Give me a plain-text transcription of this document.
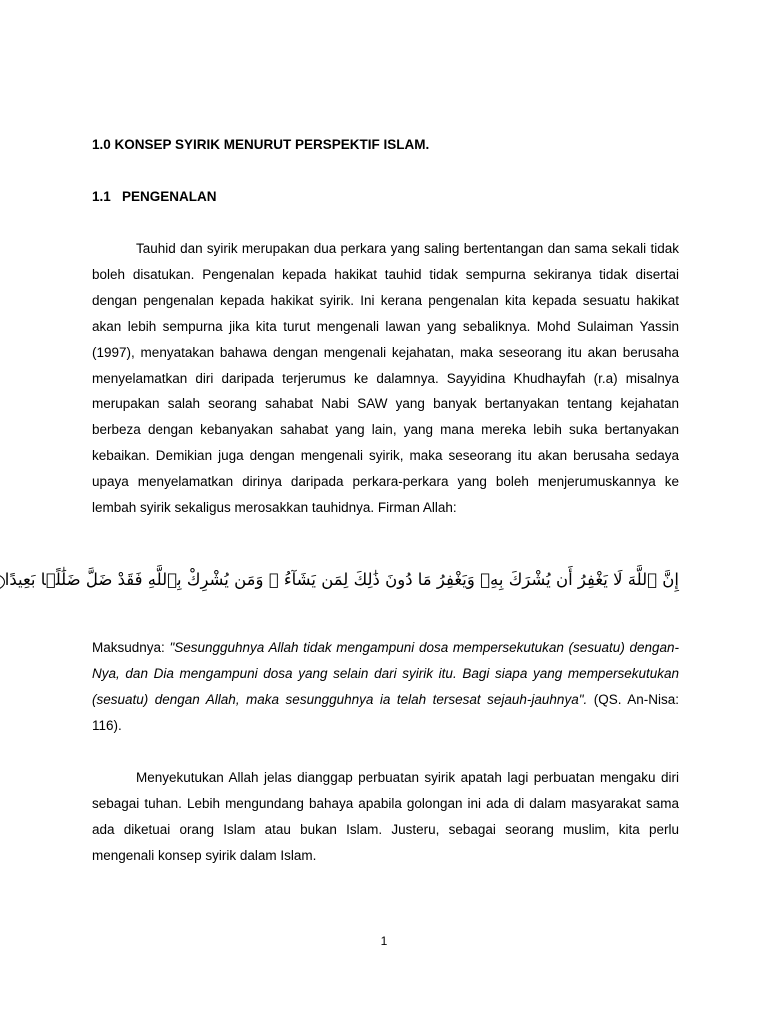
1.0 KONSEP SYIRIK MENURUT PERSPEKTIF ISLAM.
1.1 PENGENALAN

Tauhid dan syirik merupakan dua perkara yang saling bertentangan dan sama sekali tidak boleh disatukan. Pengenalan kepada hakikat tauhid tidak sempurna sekiranya tidak disertai dengan pengenalan kepada hakikat syirik. Ini kerana pengenalan kita kepada sesuatu hakikat akan lebih sempurna jika kita turut mengenali lawan yang sebaliknya. Mohd Sulaiman Yassin (1997), menyatakan bahawa dengan mengenali kejahatan, maka seseorang itu akan berusaha menyelamatkan diri daripada terjerumus ke dalamnya. Sayyidina Khudhayfah (r.a) misalnya merupakan salah seorang sahabat Nabi SAW yang banyak bertanyakan tentang kejahatan berbeza dengan kebanyakan sahabat yang lain, yang mana mereka lebih suka bertanyakan kebaikan. Demikian juga dengan mengenali syirik, maka seseorang itu akan berusaha sedaya upaya menyelamatkan dirinya daripada perkara-perkara yang boleh menjerumuskannya ke lembah syirik sekaligus merosakkan tauhidnya. Firman Allah:

إِنَّ ٱللَّهَ لَا يَغْفِرُ أَن يُشْرَكَ بِهِۦ وَيَغْفِرُ مَا دُونَ ذَٰلِكَ لِمَن يَشَآءُ ۚ وَمَن يُشْرِكْ بِٱللَّهِ فَقَدْ ضَلَّ ضَلَٰلًۢا بَعِيدًا

Maksudnya: "Sesungguhnya Allah tidak mengampuni dosa mempersekutukan (sesuatu) dengan-Nya, dan Dia mengampuni dosa yang selain dari syirik itu. Bagi siapa yang mempersekutukan (sesuatu) dengan Allah, maka sesungguhnya ia telah tersesat sejauh-jauhnya". (QS. An-Nisa: 116).

Menyekutukan Allah jelas dianggap perbuatan syirik apatah lagi perbuatan mengaku diri sebagai tuhan. Lebih mengundang bahaya apabila golongan ini ada di dalam masyarakat sama ada diketuai orang Islam atau bukan Islam. Justeru, sebagai seorang muslim, kita perlu mengenali konsep syirik dalam Islam.

1
